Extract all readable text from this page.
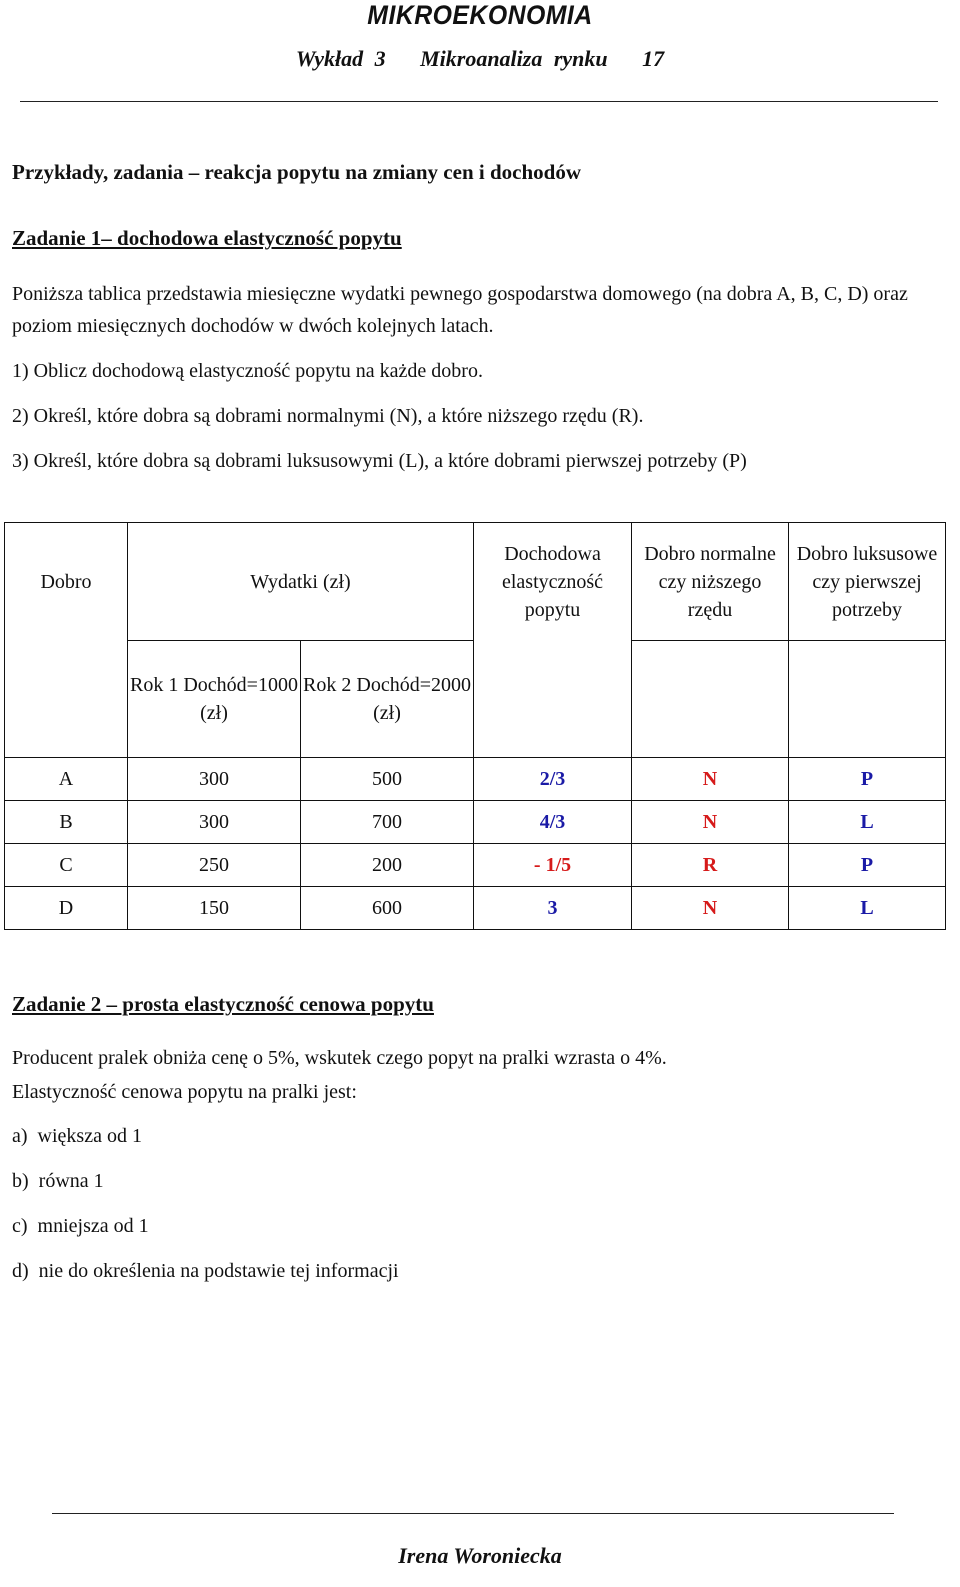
MIKROEKONOMIA
Wykład 3   Mikroanaliza rynku   17
Przykłady, zadania – reakcja popytu na zmiany cen i dochodów
Zadanie 1– dochodowa elastyczność popytu
Poniższa tablica przedstawia miesięczne wydatki pewnego gospodarstwa domowego (na dobra A, B, C, D) oraz poziom miesięcznych dochodów w dwóch kolejnych latach.
1) Oblicz dochodową elastyczność popytu na każde dobro.
2) Określ, które dobra są dobrami normalnymi (N), a które niższego rzędu (R).
3) Określ, które dobra są dobrami luksusowymi (L), a które dobrami pierwszej potrzeby (P)
Dobro	Wydatki (zł)		Dochodowa elastyczność popytu	Dobro normalne czy niższego rzędu	Dobro luksusowe czy pierwszej potrzeby
	Rok 1 Dochód=1000 (zł)	Rok 2 Dochód=2000 (zł)			
A	300	500	2/3	N	P
B	300	700	4/3	N	L
C	250	200	- 1/5	R	P
D	150	600	3	N	L
Zadanie 2 – prosta elastyczność cenowa popytu
Producent pralek obniża cenę o 5%, wskutek czego popyt na pralki wzrasta o 4%.
Elastyczność cenowa popytu na pralki jest:
a) większa od 1
b) równa 1
c) mniejsza od 1
d) nie do określenia na podstawie tej informacji
Irena Woroniecka
